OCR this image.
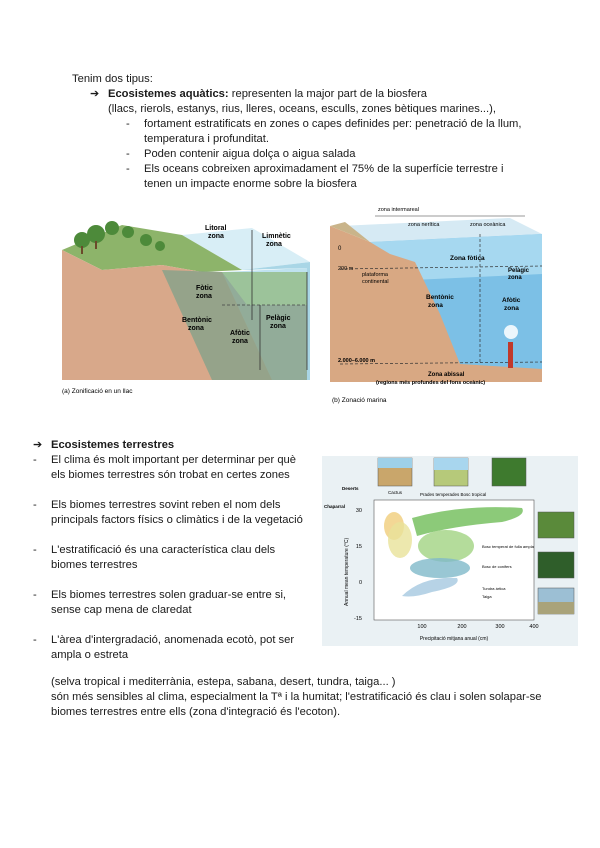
Tenim dos tipus:
➔ Ecosistemes aquàtics: representen la major part de la biosfera
(llacs, rierols, estanys, rius, lleres, oceans, esculls, zones bètiques marines...),
- fortament estratificats en zones o capes definides per: penetració de la llum,
temperatura i profunditat.
- Poden contenir aigua dolça o aigua salada
- Els oceans cobreixen aproximadament el 75% de la superfície terrestre i
tenen un impacte enorme sobre la biosfera
Litoral
zona	Limnètic
zona
Fòtic
zona
Bentònic
zona
Afòtic
zona
Pelàgic
zona
(a) Zonificació en un llac
zona intermareal
zona nerítica	zona oceànica
0
200 m
plataforma
continental
Zona fòtica
Pelàgic
zona
Bentònic
zona
Afòtic
zona
2.000–6.000 m
Zona abissal
(regions més profundes del fons oceànic)
(b) Zonació marina
➔ Ecosistemes terrestres
- El clima és molt important per determinar per què
els biomes terrestres són trobat en certes zones
- Els biomes terrestres sovint reben el nom dels
principals factors físics o climàtics i de la vegetació
- L'estratificació és una característica clau dels
biomes terrestres
- Els biomes terrestres solen graduar-se entre si,
sense cap mena de claredat
- L'àrea d'intergradació, anomenada ecotò, pot ser
ampla o estreta
30
15
0
-15
100	200	300	400
Precipitació mitjana anual (cm)
Annual mean temperature (°C)
Deserts
Cactus	Prades temperades Bosc tropical
Chaparral
Bosc temperat de fulla ampla
Bosc de conifers
Tundra ártica
Taiga
(selva tropical i mediterrània, estepa, sabana, desert, tundra, taiga... )
són més sensibles al clima, especialment la Tª i la humitat; l'estratificació és clau i solen solapar-se
biomes terrestres entre ells (zona d'integració és l'ecoton).
